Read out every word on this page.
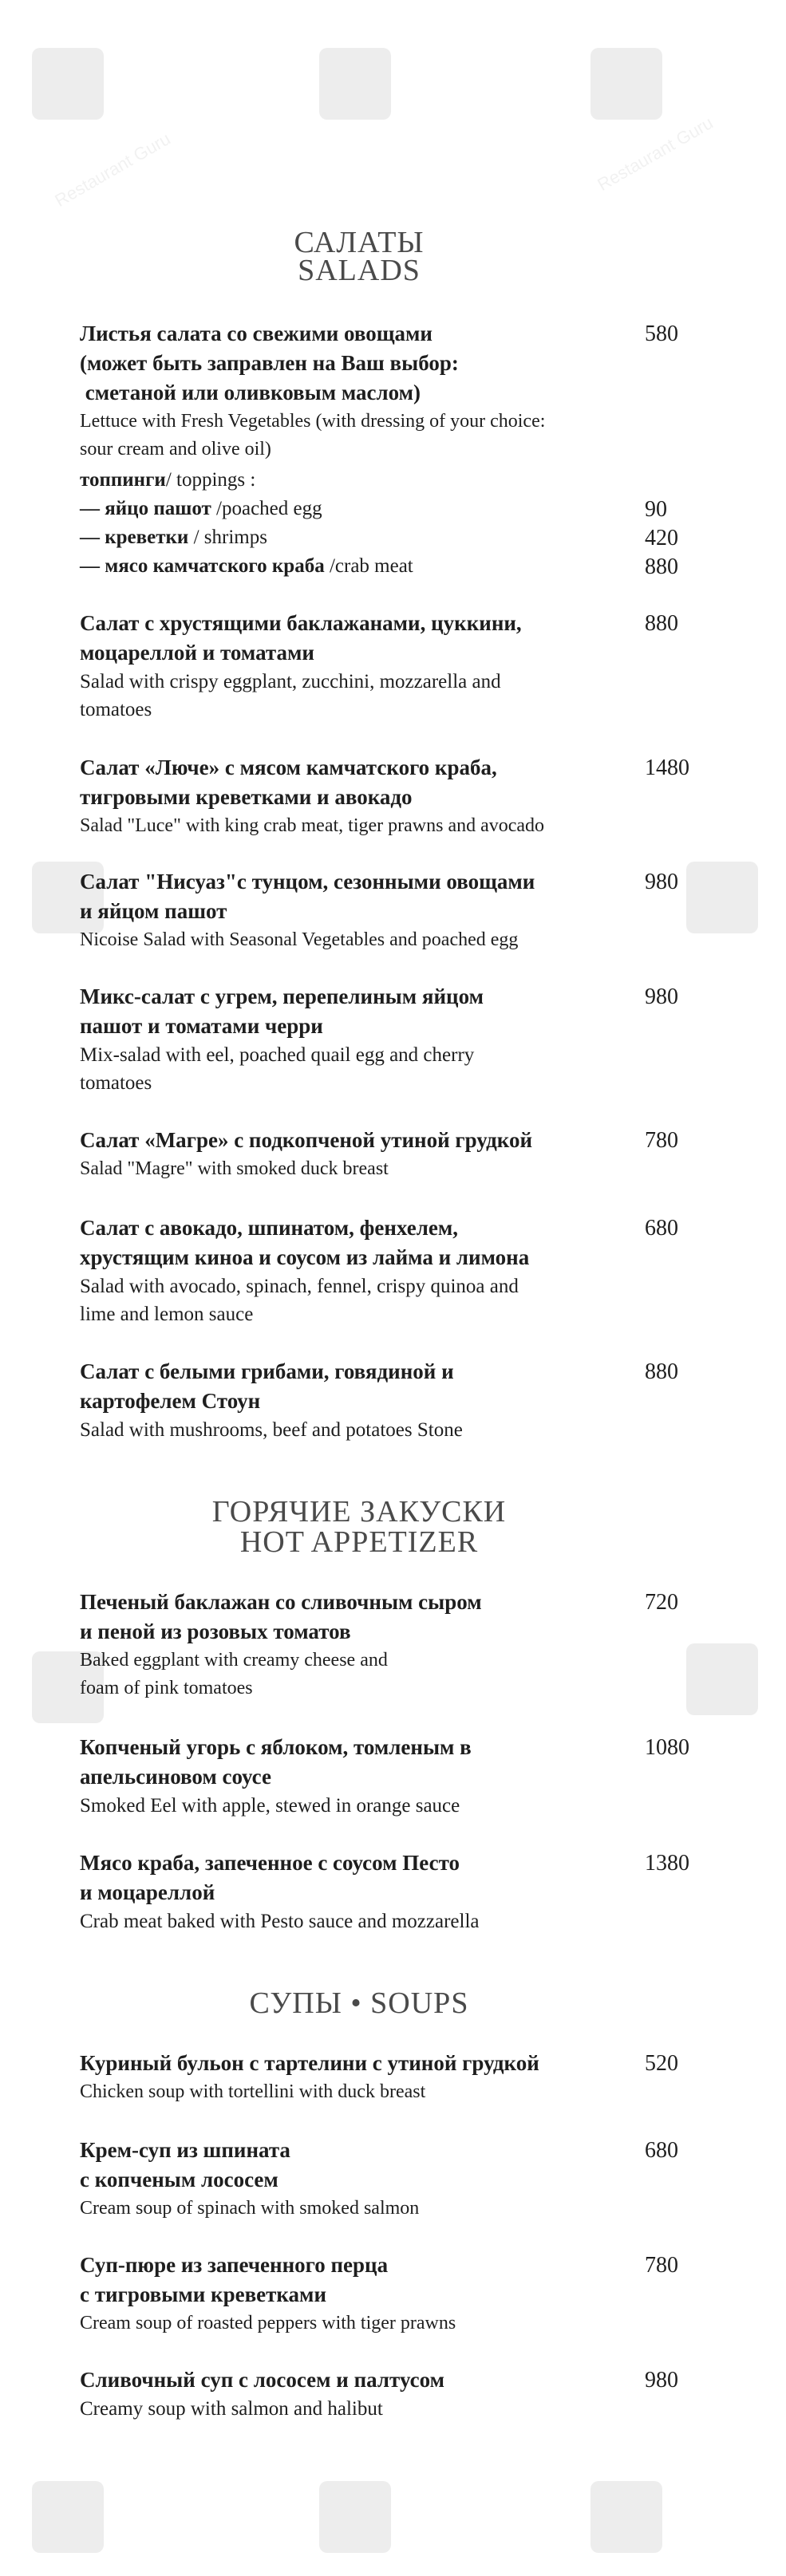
Restaurant Guru	Restaurant Guru
САЛАТЫ
SALADS
Листья салата со свежими овощами
(может быть заправлен на Ваш выбор:
сметаной или оливковым маслом)
Lettuce with Fresh Vegetables (with dressing of your choice:
sour cream and olive oil)
580
топпинги/ toppings :
— яйцо пашот /poached egg	90
— креветки / shrimps	420
— мясо камчатского краба /crab meat	880
Салат с хрустящими баклажанами, цуккини,
моцареллой и томатами
Salad with crispy eggplant, zucchini, mozzarella and
tomatoes
880
Салат «Люче» с мясом камчатского краба,
тигровыми креветками и авокадо
Salad "Luce" with king crab meat, tiger prawns and avocado
1480
Салат "Нисуаз"с тунцом, сезонными овощами
и яйцом пашот
Nicoise Salad with Seasonal Vegetables and poached egg
980
Микс-салат с угрем, перепелиным яйцом
пашот и томатами черри
Mix-salad with eel, poached quail egg and cherry
tomatoes
980
Салат «Магре» с подкопченой утиной грудкой
Salad "Magre" with smoked duck breast
780
Салат с авокадо, шпинатом, фенхелем,
хрустящим киноа и соусом из лайма и лимона
Salad with avocado, spinach, fennel, crispy quinoa and
lime and lemon sauce
680
Салат с белыми грибами, говядиной и
картофелем Стоун
Salad with mushrooms, beef and potatoes Stone
880
ГОРЯЧИЕ ЗАКУСКИ
HOT APPETIZER
Печеный баклажан со сливочным сыром
и пеной из розовых томатов
Baked eggplant with creamy cheese and
foam of pink tomatoes
720
Копченый угорь с яблоком, томленым в
апельсиновом соусе
Smoked Eel with apple, stewed in orange sauce
1080
Мясо краба, запеченное с соусом Песто
и моцареллой
Crab meat baked with Pesto sauce and mozzarella
1380
СУПЫ • SOUPS
Куриный бульон с тартелини с утиной грудкой
Chicken soup with tortellini with duck breast
520
Крем-суп из шпината
с копченым лососем
Cream soup of spinach with smoked salmon
680
Суп-пюре из запеченного перца
с тигровыми креветками
Cream soup of roasted peppers with tiger prawns
780
Сливочный суп с лососем и палтусом
Creamy soup with salmon and halibut
980
